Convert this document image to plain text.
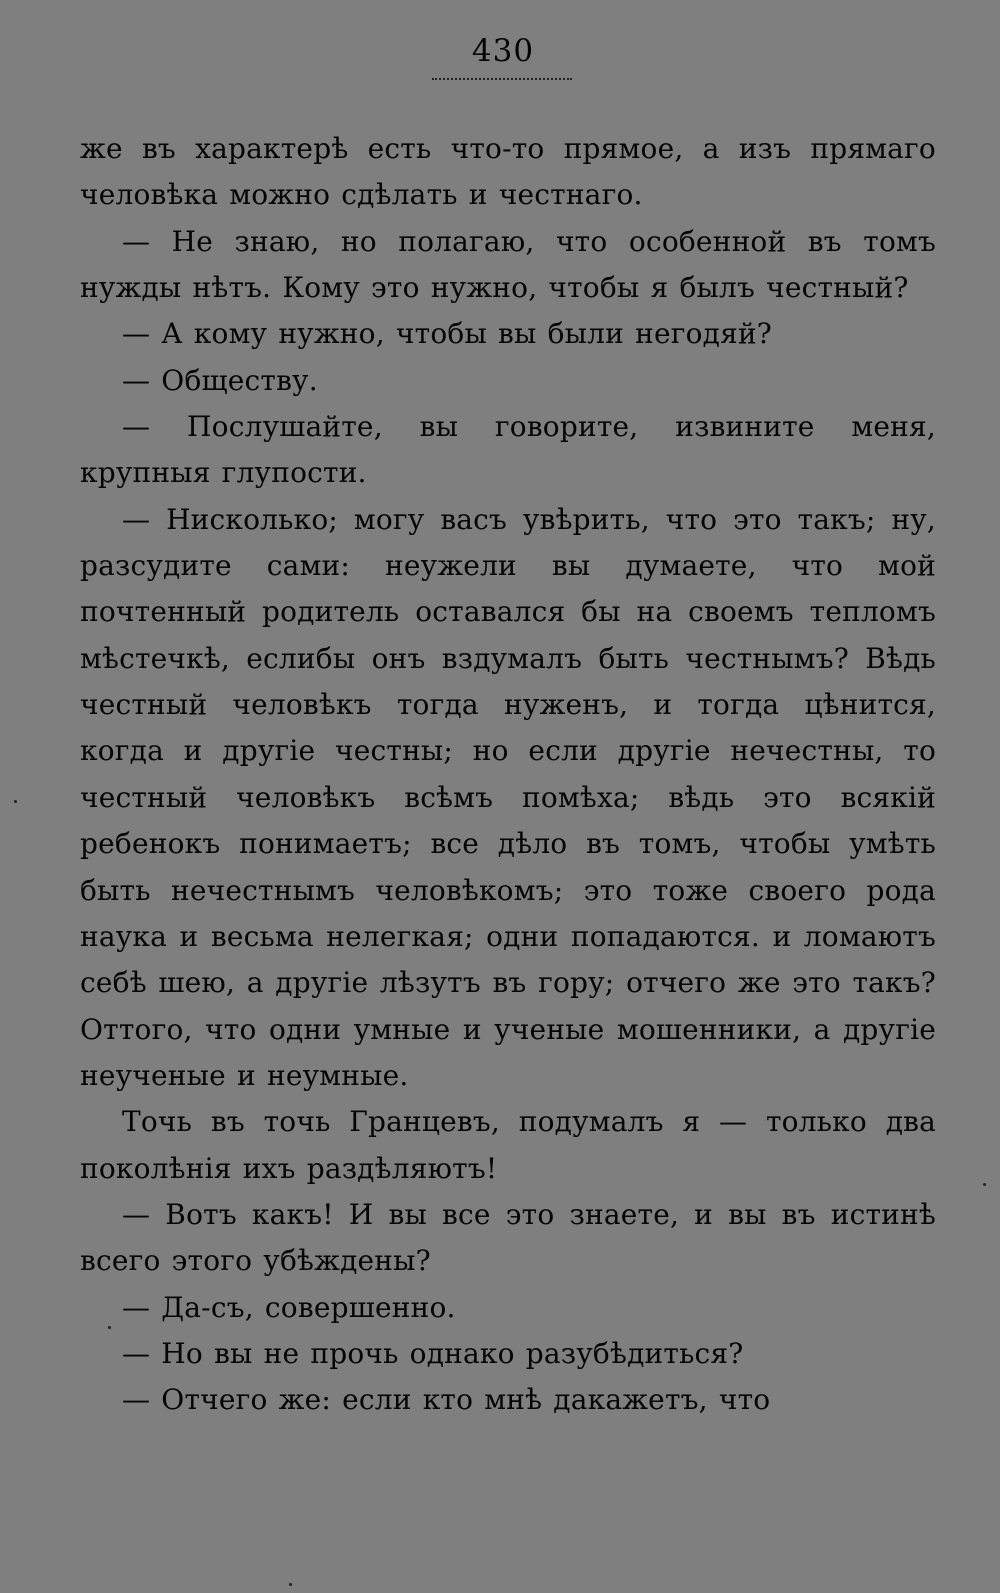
430

же въ характерѣ есть что-то прямое, а изъ прямаго человѣка можно сдѣлать и честнаго.

— Не знаю, но полагаю, что особенной въ томъ нужды нѣтъ. Кому это нужно, чтобы я былъ честный?

— А кому нужно, чтобы вы были негодяй?

— Обществу.

— Послушайте, вы говорите, извините меня, крупныя глупости.

— Нисколько; могу васъ увѣрить, что это такъ; ну, разсудите сами: неужели вы думаете, что мой почтенный родитель оставался бы на своемъ тепломъ мѣстечкѣ, еслибы онъ вздумалъ быть честнымъ? Вѣдь честный человѣкъ тогда нуженъ, и тогда цѣнится, когда и другіе честны; но если другіе нечестны, то честный человѣкъ всѣмъ помѣха; вѣдь это всякій ребенокъ понимаетъ; все дѣло въ томъ, чтобы умѣть быть нечестнымъ человѣкомъ; это тоже своего рода наука и весьма нелегкая; одни попадаются. и ломаютъ себѣ шею, а другіе лѣзутъ въ гору; отчего же это такъ? Оттого, что одни умные и ученые мошенники, а другіе неученые и неумные.

Точь въ точь Гранцевъ, подумалъ я — только два поколѣнія ихъ раздѣляютъ!

— Вотъ какъ! И вы все это знаете, и вы въ истинѣ всего этого убѣждены?

— Да-съ, совершенно.

— Но вы не прочь однако разубѣдиться?

— Отчего же: если кто мнѣ дакажетъ, что
